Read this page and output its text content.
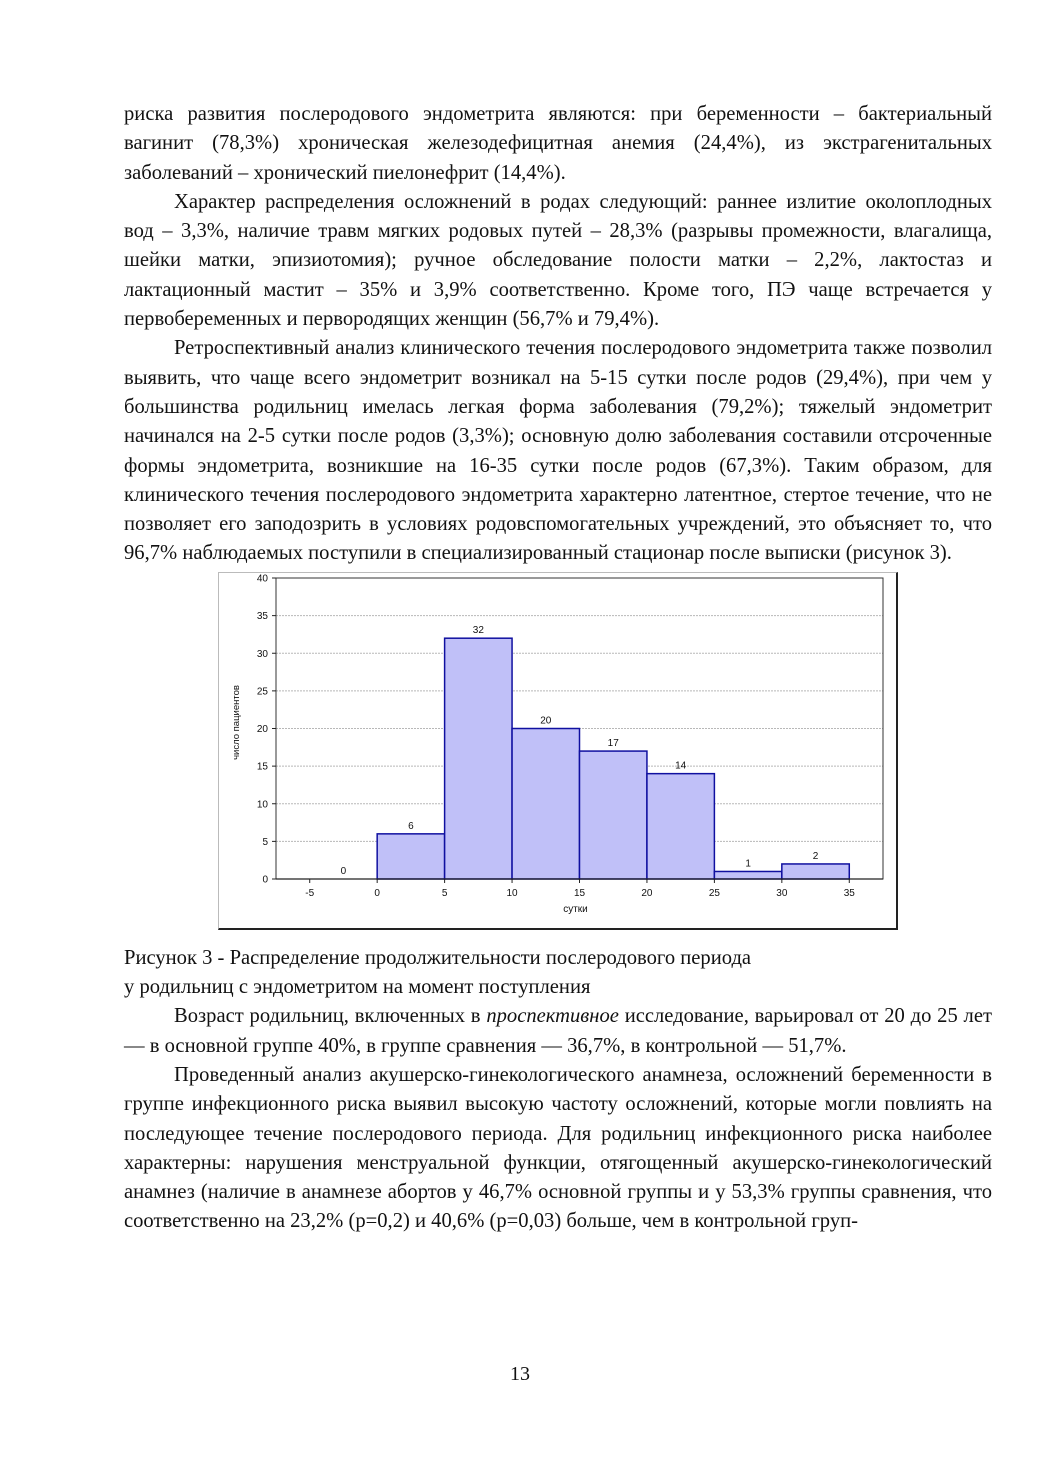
риска развития послеродового эндометрита являются: при беременности – бактериальный вагинит (78,3%) хроническая железодефицитная анемия (24,4%), из экстрагенитальных заболеваний – хронический пиелонефрит (14,4%).

Характер распределения осложнений в родах следующий: раннее излитие околоплодных вод – 3,3%, наличие травм мягких родовых путей – 28,3% (разрывы промежности, влагалища, шейки матки, эпизиотомия); ручное обследование полости матки – 2,2%, лактостаз и лактационный мастит – 35% и 3,9% соответственно. Кроме того, ПЭ чаще встречается у первобеременных и первородящих женщин (56,7% и 79,4%).

Ретроспективный анализ клинического течения послеродового эндометрита также позволил выявить, что чаще всего эндометрит возникал на 5-15 сутки после родов (29,4%), при чем у большинства родильниц имелась легкая форма заболевания (79,2%); тяжелый эндометрит начинался на 2-5 сутки после родов (3,3%); основную долю заболевания составили отсроченные формы эндометрита, возникшие на 16-35 сутки после родов (67,3%). Таким образом, для клинического течения послеродового эндометрита характерно латентное, стертое течение, что не позволяет его заподозрить в условиях родовспомогательных учреждений, это объясняет то, что 96,7% наблюдаемых поступили в специализированный стационар после выписки (рисунок 3).

0
6
32
20
17
14
1
2
0
5
10
15
20
25
30
35
40
-5	0	5	10	15	20	25	30	35
сутки
число пациентов

Рисунок 3 - Распределение продолжительности послеродового периода
у родильниц с эндометритом на момент поступления

Возраст родильниц, включенных в проспективное исследование, варьировал от 20 до 25 лет — в основной группе 40%, в группе сравнения — 36,7%, в контрольной — 51,7%.

Проведенный анализ акушерско-гинекологического анамнеза, осложнений беременности в группе инфекционного риска выявил высокую частоту осложнений, которые могли повлиять на последующее течение послеродового периода. Для родильниц инфекционного риска наиболее характерны: нарушения менструальной функции, отягощенный акушерско-гинекологический анамнез (наличие в анамнезе абортов у 46,7% основной группы и у 53,3% группы сравнения, что соответственно на 23,2% (р=0,2) и 40,6% (р=0,03) больше, чем в контрольной груп-

13
